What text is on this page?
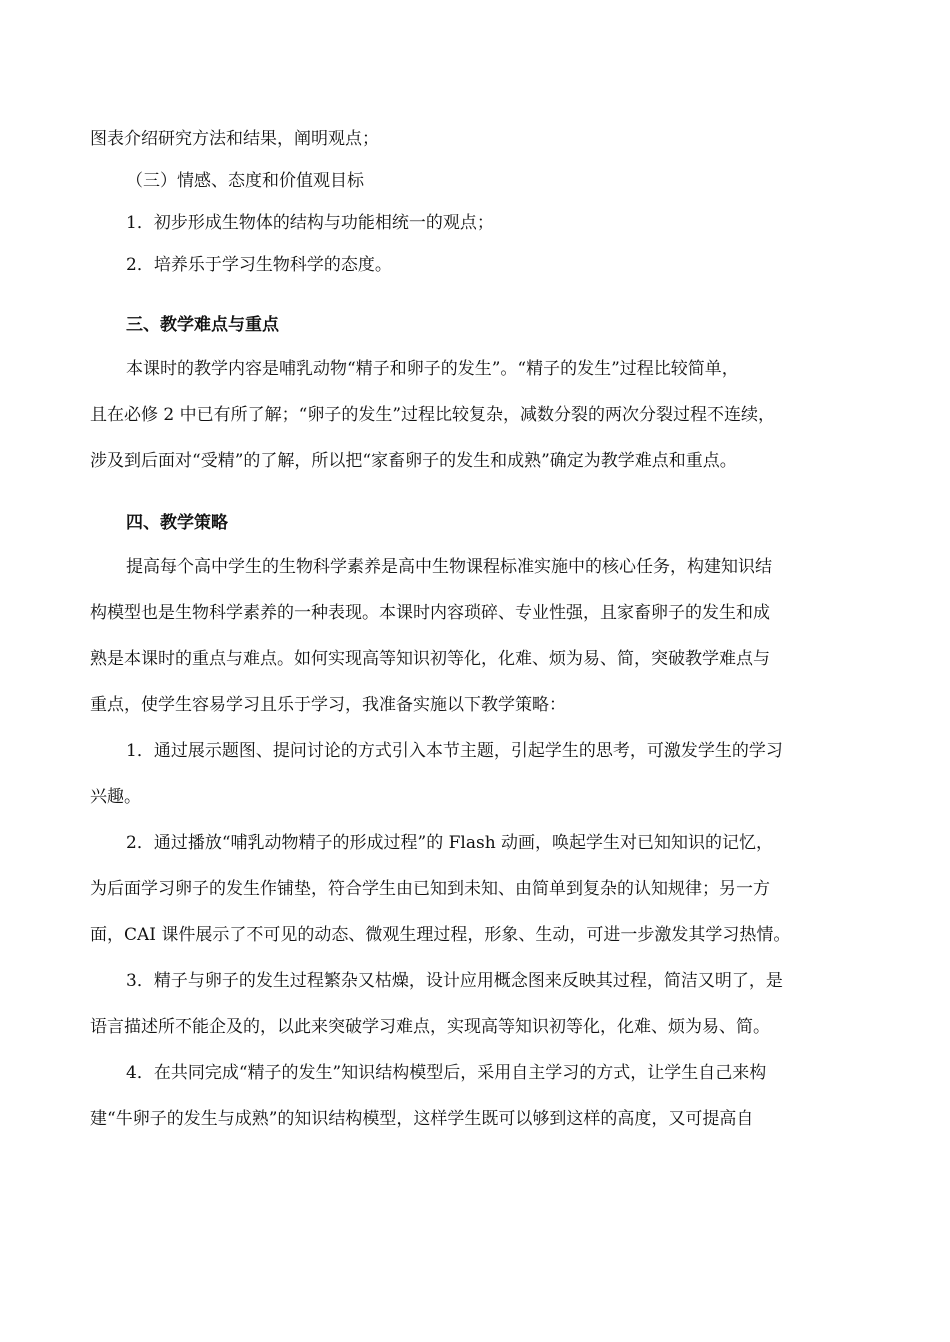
图表介绍研究方法和结果，阐明观点；

（三）情感、态度和价值观目标

1．初步形成生物体的结构与功能相统一的观点；

2．培养乐于学习生物科学的态度。

三、教学难点与重点

本课时的教学内容是哺乳动物“精子和卵子的发生”。“精子的发生”过程比较简单，
且在必修 2 中已有所了解；“卵子的发生”过程比较复杂，减数分裂的两次分裂过程不连续，
涉及到后面对“受精”的了解，所以把“家畜卵子的发生和成熟”确定为教学难点和重点。

四、教学策略

提高每个高中学生的生物科学素养是高中生物课程标准实施中的核心任务，构建知识结
构模型也是生物科学素养的一种表现。本课时内容琐碎、专业性强，且家畜卵子的发生和成
熟是本课时的重点与难点。如何实现高等知识初等化，化难、烦为易、简，突破教学难点与
重点，使学生容易学习且乐于学习，我准备实施以下教学策略：

1．通过展示题图、提问讨论的方式引入本节主题，引起学生的思考，可激发学生的学习
兴趣。

2．通过播放“哺乳动物精子的形成过程”的 Flash 动画，唤起学生对已知知识的记忆，
为后面学习卵子的发生作铺垫，符合学生由已知到未知、由简单到复杂的认知规律；另一方
面，CAI 课件展示了不可见的动态、微观生理过程，形象、生动，可进一步激发其学习热情。

3．精子与卵子的发生过程繁杂又枯燥，设计应用概念图来反映其过程，简洁又明了，是
语言描述所不能企及的，以此来突破学习难点，实现高等知识初等化，化难、烦为易、简。

4．在共同完成“精子的发生”知识结构模型后，采用自主学习的方式，让学生自己来构
建“牛卵子的发生与成熟”的知识结构模型，这样学生既可以够到这样的高度，又可提高自
